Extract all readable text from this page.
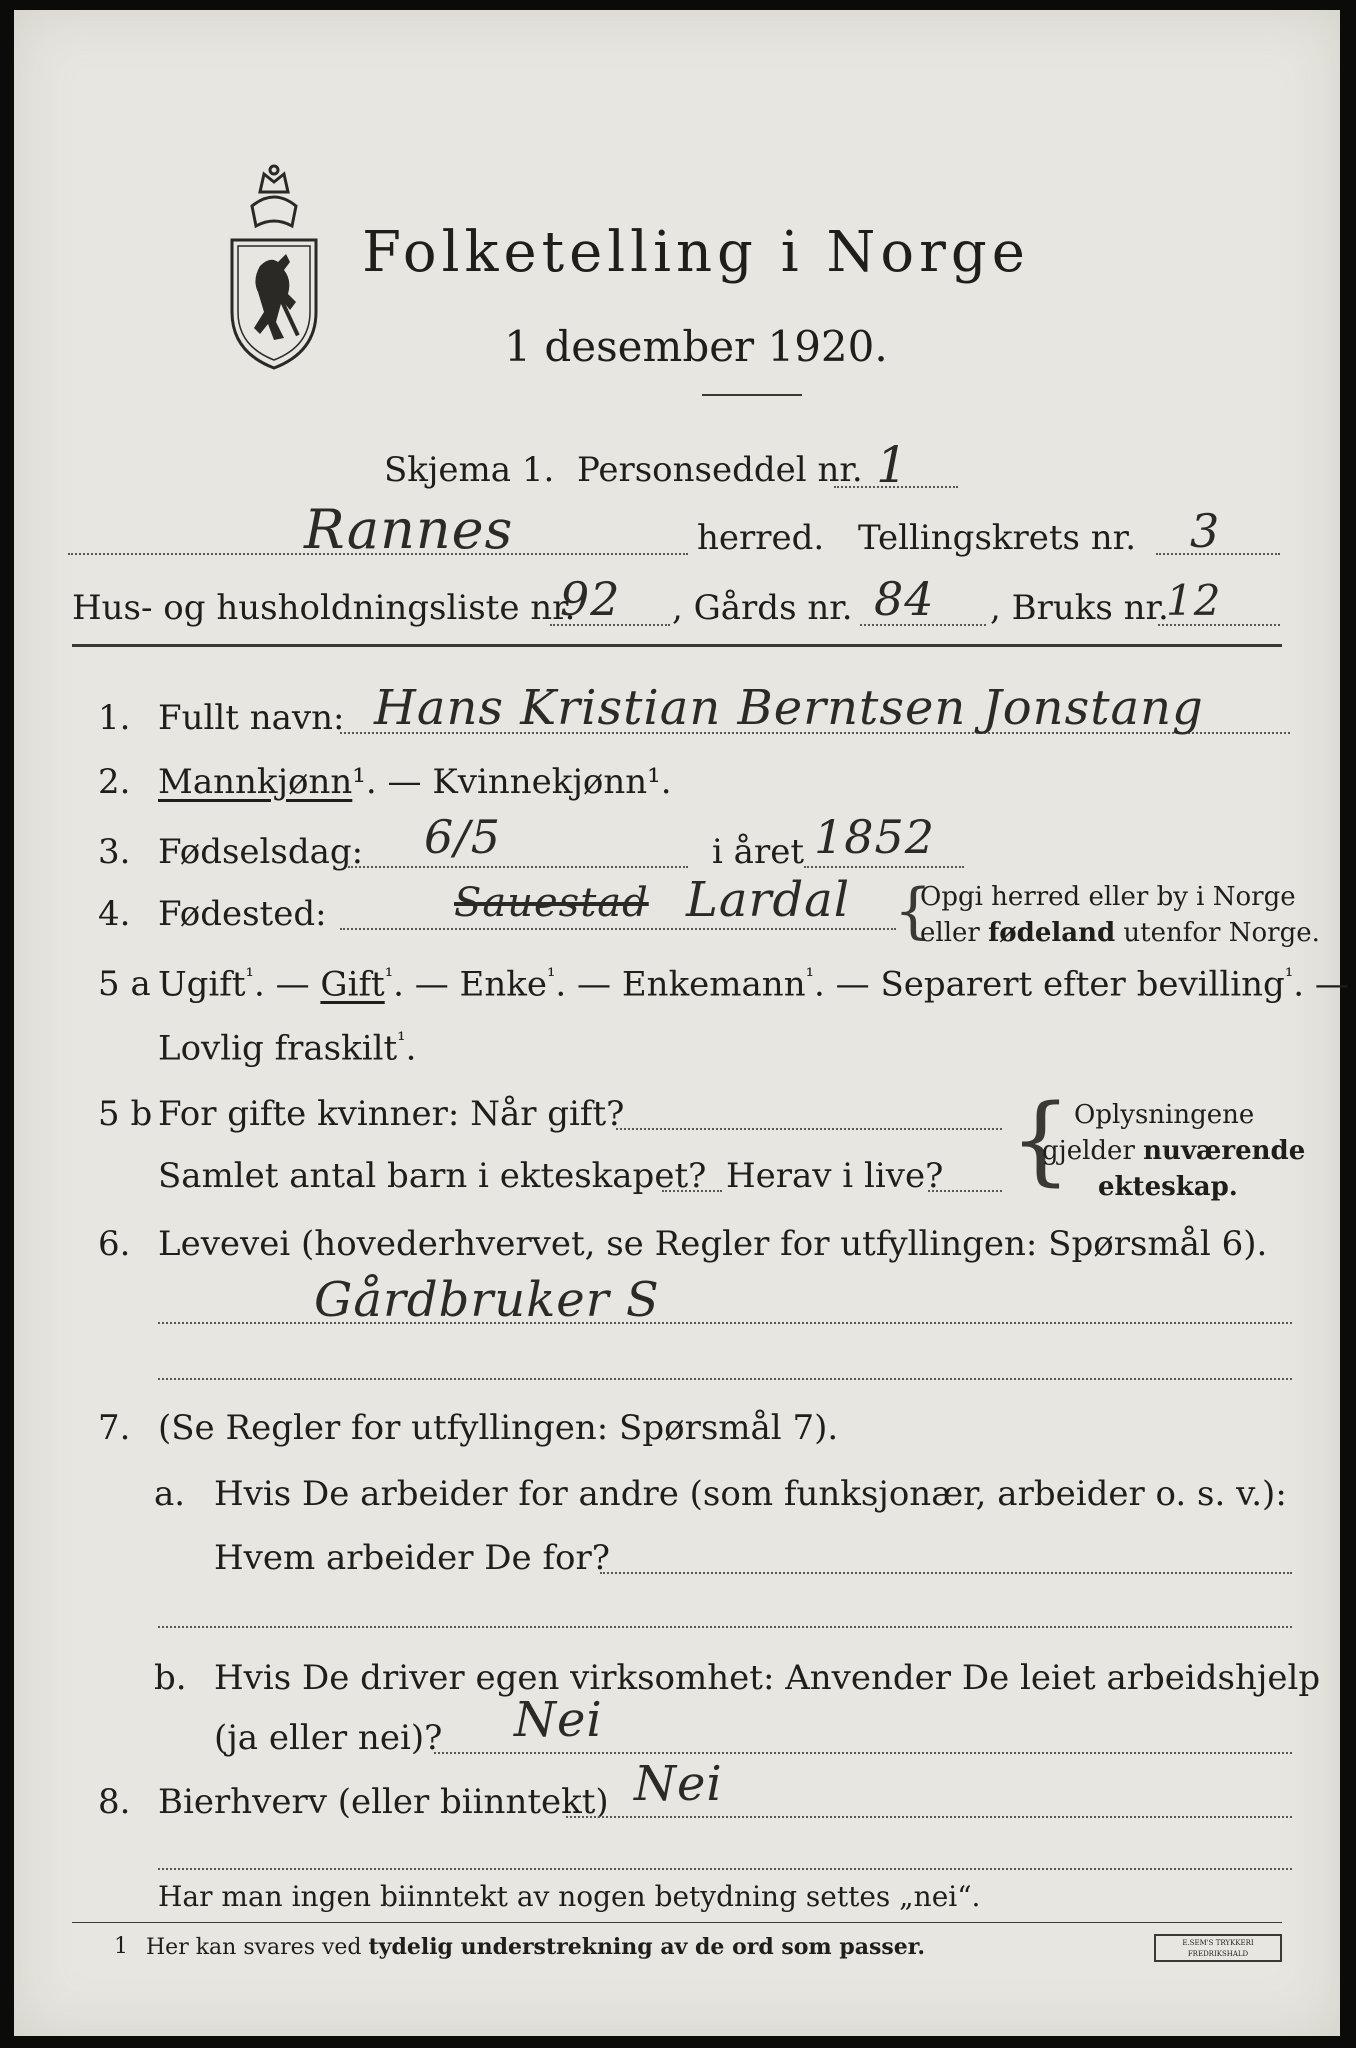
Folketelling i Norge
1 desember 1920.
Skjema 1. Personseddel nr. 1
Rannes	herred. Tellingskrets nr. 3
Hus- og husholdningsliste nr.
92 , Gårds nr. 84 , Bruks nr.
12
1. Fullt navn: Hans Kristian Berntsen Jonstang
2. Mannkjønn¹. — Kvinnekjønn¹.
3. Fødselsdag: 6/5	i året 1852
4. Fødested:	Sauestad Lardal {
Opgi herred eller by i Norge
eller fødeland utenfor Norge.
5 a Ugift$^{^1}$. — Gift$^{^1}$. — Enke$^{^1}$. — Enkemann$^{^1}$. — Separert efter bevilling$^{^1}$. —
Lovlig fraskilt$^{^1}$.
5 b For gifte kvinner: Når gift?
Samlet antal barn i ekteskapet? Herav i live? { Oplysningene
gjelder nuværende
ekteskap.
6. Levevei (hovederhvervet, se Regler for utfyllingen: Spørsmål 6).
Gårdbruker S
7. (Se Regler for utfyllingen: Spørsmål 7).
a. Hvis De arbeider for andre (som funksjonær, arbeider o. s. v.):
Hvem arbeider De for?
b. Hvis De driver egen virksomhet: Anvender De leiet arbeidshjelp
(ja eller nei)? Nei
8. Bierhverv (eller biinntekt) Nei
Har man ingen biinntekt av nogen betydning settes „nei“.
1 Her kan svares ved tydelig understrekning av de ord som passer.	E.SEM'S TRYKKERI
FREDRIKSHALD
